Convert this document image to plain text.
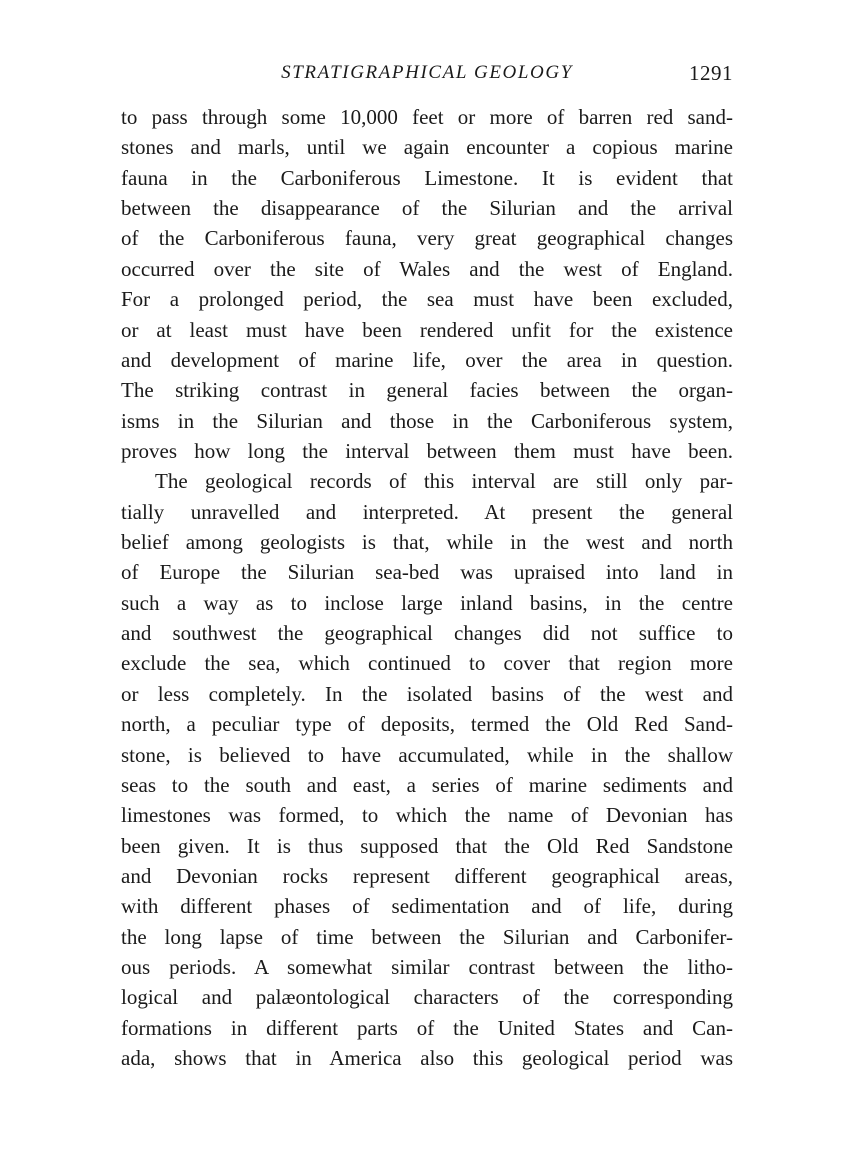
STRATIGRAPHICAL GEOLOGY	1291
to pass through some 10,000 feet or more of barren red sand-
stones and marls, until we again encounter a copious marine
fauna in the Carboniferous Limestone. It is evident that
between the disappearance of the Silurian and the arrival
of the Carboniferous fauna, very great geographical changes
occurred over the site of Wales and the west of England.
For a prolonged period, the sea must have been excluded,
or at least must have been rendered unfit for the existence
and development of marine life, over the area in question.
The striking contrast in general facies between the organ-
isms in the Silurian and those in the Carboniferous system,
proves how long the interval between them must have been.
The geological records of this interval are still only par-
tially unravelled and interpreted. At present the general
belief among geologists is that, while in the west and north
of Europe the Silurian sea-bed was upraised into land in
such a way as to inclose large inland basins, in the centre
and southwest the geographical changes did not suffice to
exclude the sea, which continued to cover that region more
or less completely. In the isolated basins of the west and
north, a peculiar type of deposits, termed the Old Red Sand-
stone, is believed to have accumulated, while in the shallow
seas to the south and east, a series of marine sediments and
limestones was formed, to which the name of Devonian has
been given. It is thus supposed that the Old Red Sandstone
and Devonian rocks represent different geographical areas,
with different phases of sedimentation and of life, during
the long lapse of time between the Silurian and Carbonifer-
ous periods. A somewhat similar contrast between the litho-
logical and palæontological characters of the corresponding
formations in different parts of the United States and Can-
ada, shows that in America also this geological period was
